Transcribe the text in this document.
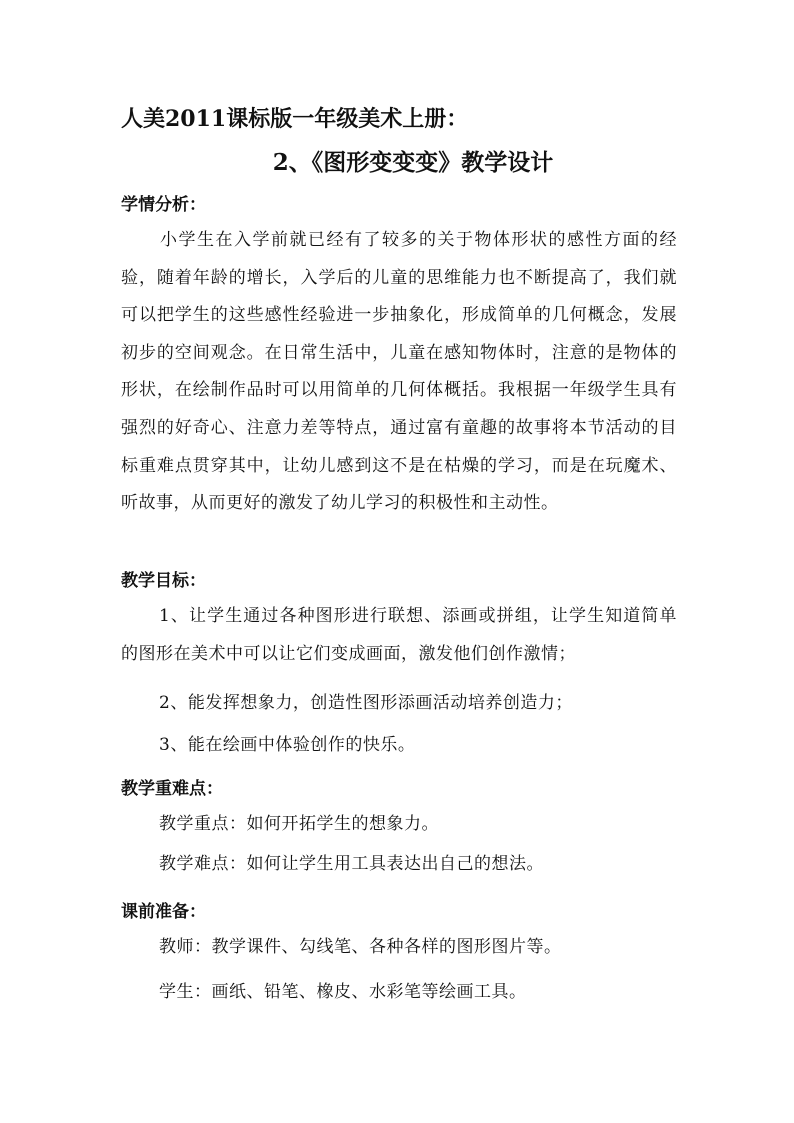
人美2011课标版一年级美术上册：
2、《图形变变变》教学设计
学情分析：
小学生在入学前就已经有了较多的关于物体形状的感性方面的经验，随着年龄的增长，入学后的儿童的思维能力也不断提高了，我们就可以把学生的这些感性经验进一步抽象化，形成简单的几何概念，发展初步的空间观念。在日常生活中，儿童在感知物体时，注意的是物体的形状，在绘制作品时可以用简单的几何体概括。我根据一年级学生具有强烈的好奇心、注意力差等特点，通过富有童趣的故事将本节活动的目标重难点贯穿其中，让幼儿感到这不是在枯燥的学习，而是在玩魔术、听故事，从而更好的激发了幼儿学习的积极性和主动性。
教学目标：
1、让学生通过各种图形进行联想、添画或拼组，让学生知道简单的图形在美术中可以让它们变成画面，激发他们创作激情；
2、能发挥想象力，创造性图形添画活动培养创造力；
3、能在绘画中体验创作的快乐。
教学重难点：
教学重点：如何开拓学生的想象力。
教学难点：如何让学生用工具表达出自己的想法。
课前准备：
教师：教学课件、勾线笔、各种各样的图形图片等。
学生：画纸、铅笔、橡皮、水彩笔等绘画工具。
